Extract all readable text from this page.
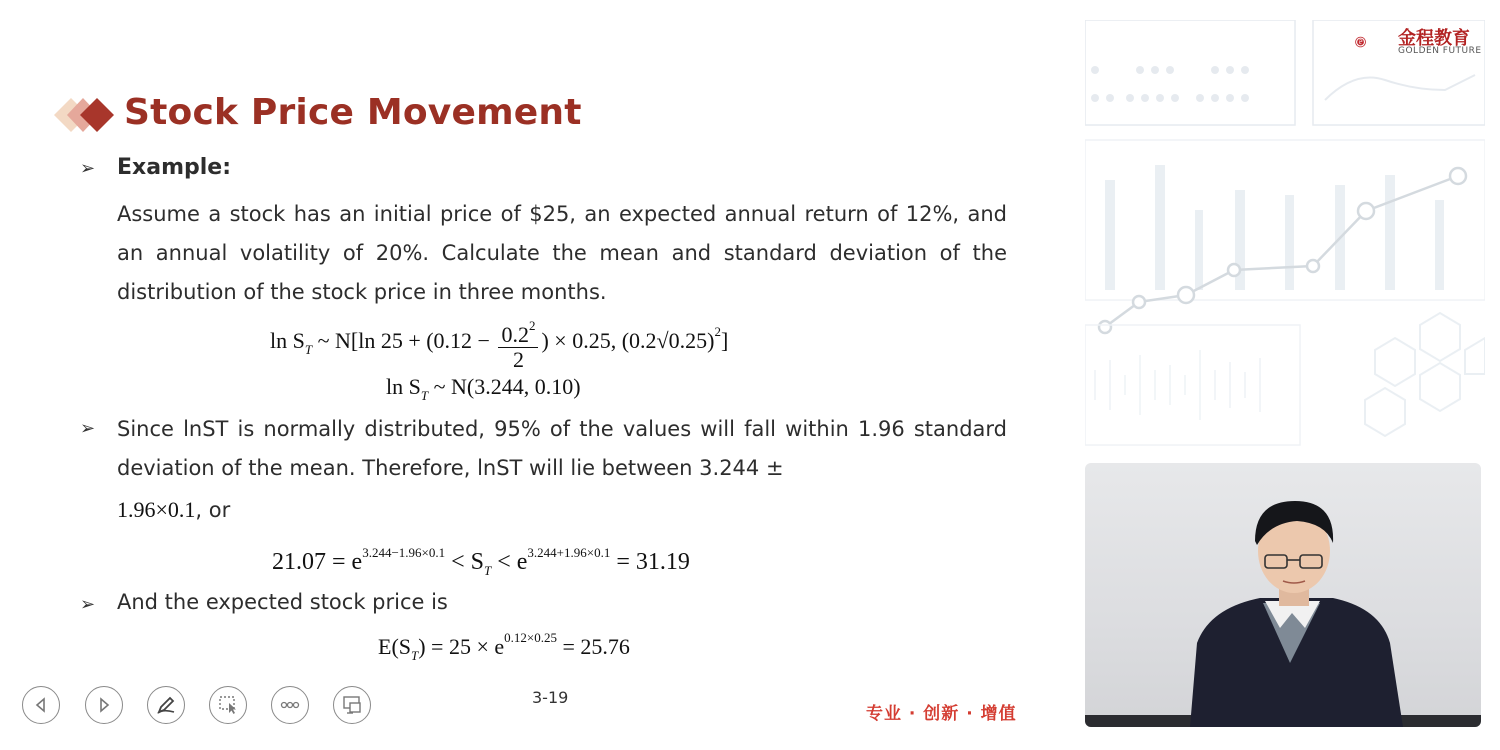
Stock Price Movement
➢ Example:
Assume a stock has an initial price of $25, an expected annual return of 12%, and an annual volatility of 20%. Calculate the mean and standard deviation of the distribution of the stock price in three months.
$\ln S_T$ ~ N[ln $25 + (0.12 - \frac{0.2^2}{2}$ ) × 0.25, $(0.2√0.25)^2$]
$\ln S_T$ ~ N(3.244, 0.10)
➢ Since lnST is normally distributed, 95% of the values will fall within 1.96 standard deviation of the mean. Therefore, lnST will lie between 3.244 ±
1.96×0.1, or
$21.07 = e^{3.244-1.96\times 0.1} < S_T < e^{3.244+1.96\times 0.1} = 31.19$
➢ And the expected stock price is
$E(S_T) = 25 \times e^{0.12\times 0.25} = 25.76$
3-19
专业 · 创新 · 增值
金程教育
GOLDEN FUTURE
